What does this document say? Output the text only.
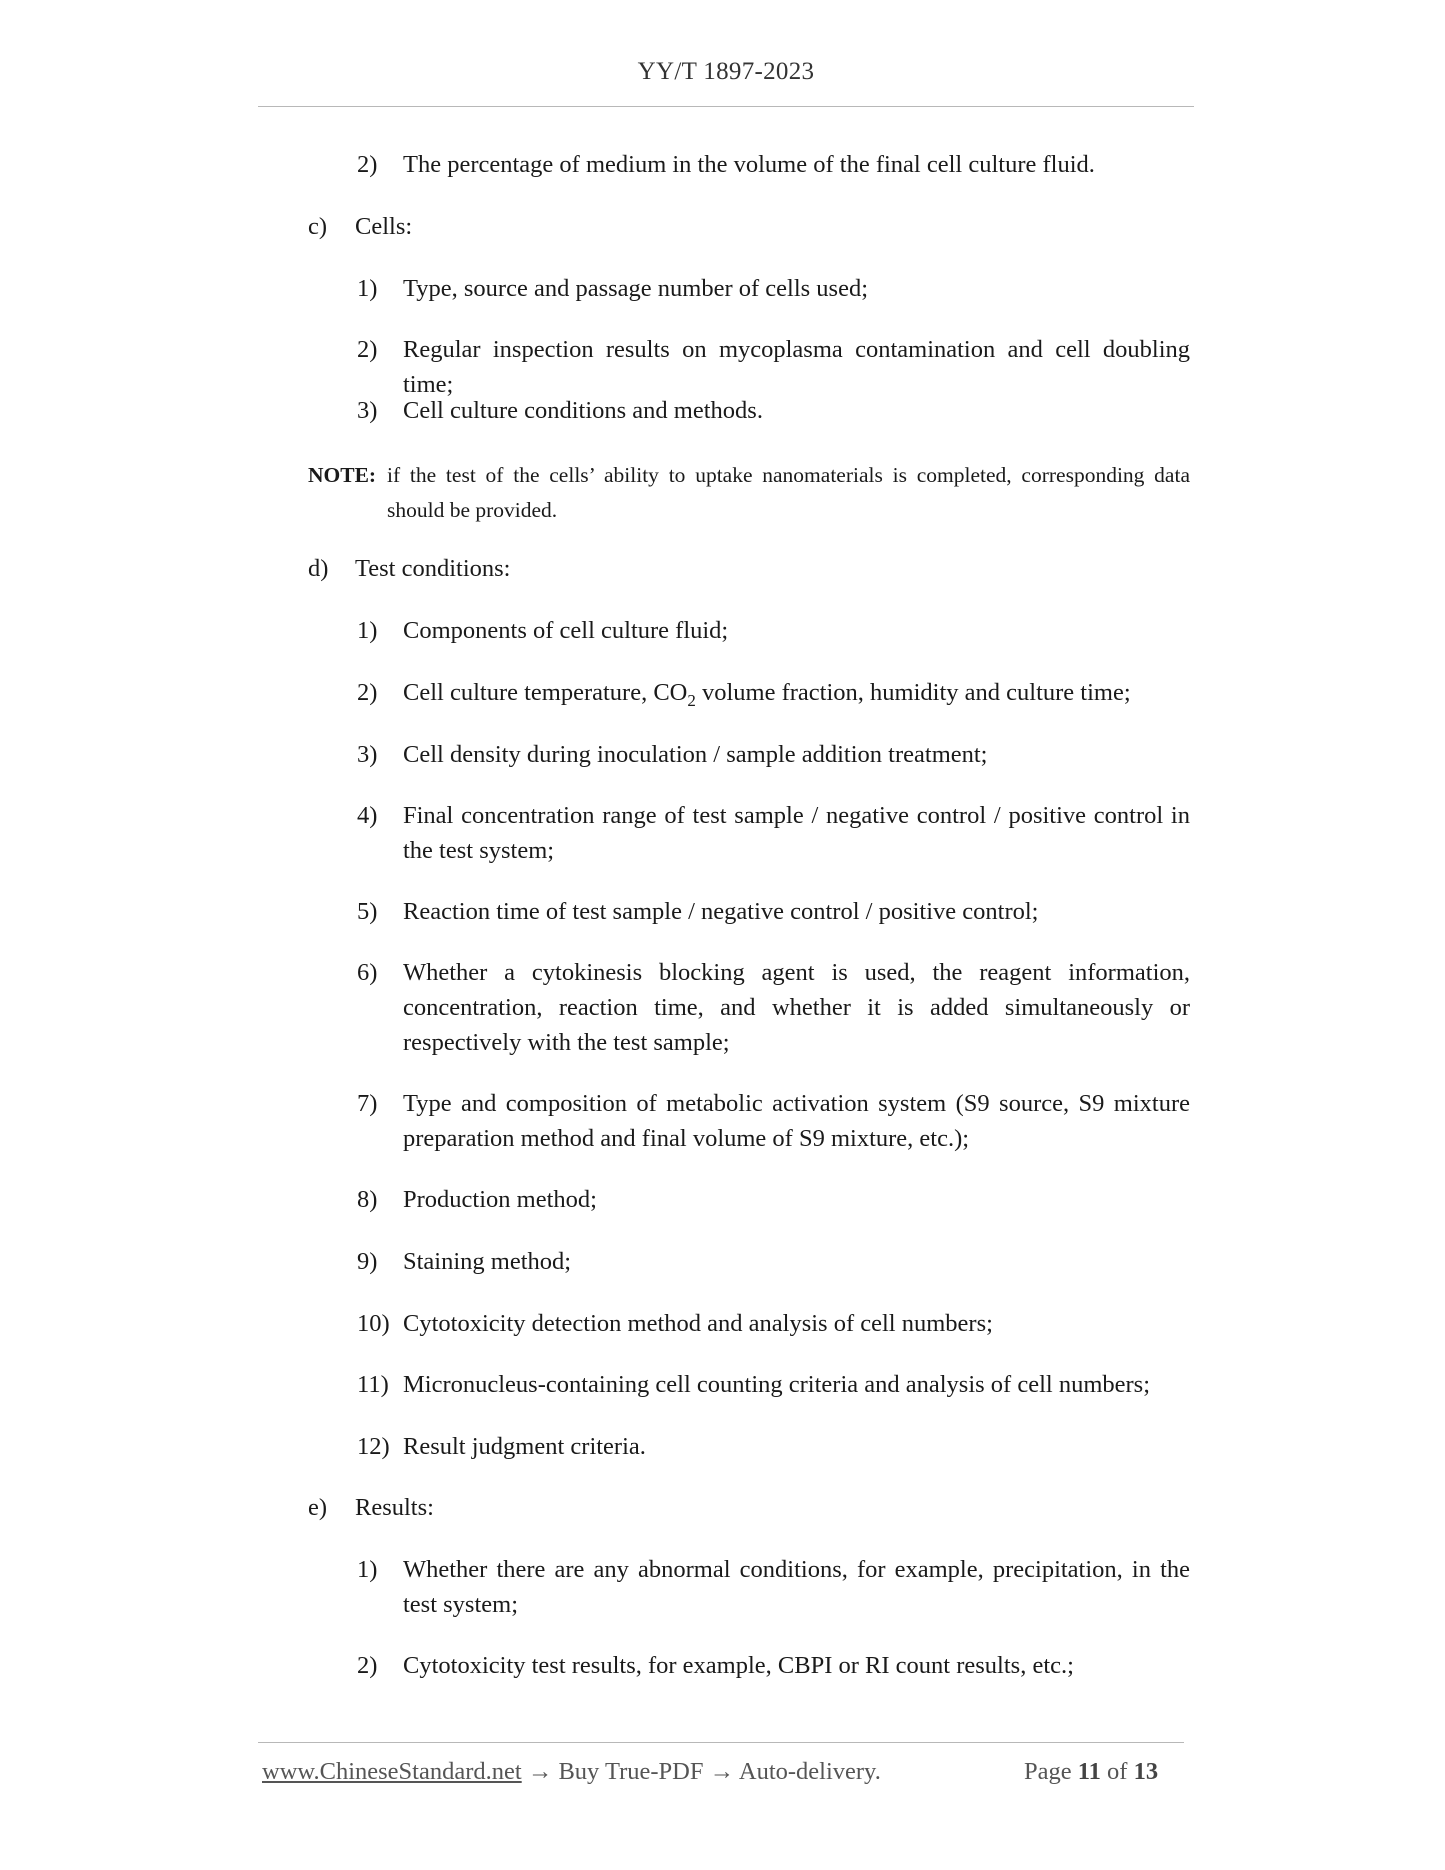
YY/T 1897-2023
2) The percentage of medium in the volume of the final cell culture fluid.
c) Cells:
1) Type, source and passage number of cells used;
2) Regular inspection results on mycoplasma contamination and cell doubling time;
3) Cell culture conditions and methods.
NOTE: if the test of the cells’ ability to uptake nanomaterials is completed, corresponding data should be provided.
d) Test conditions:
1) Components of cell culture fluid;
2) Cell culture temperature, $CO_2$ volume fraction, humidity and culture time;
3) Cell density during inoculation / sample addition treatment;
4) Final concentration range of test sample / negative control / positive control in the test system;
5) Reaction time of test sample / negative control / positive control;
6) Whether a cytokinesis blocking agent is used, the reagent information, concentration, reaction time, and whether it is added simultaneously or respectively with the test sample;
7) Type and composition of metabolic activation system (S9 source, S9 mixture preparation method and final volume of S9 mixture, etc.);
8) Production method;
9) Staining method;
10) Cytotoxicity detection method and analysis of cell numbers;
11) Micronucleus-containing cell counting criteria and analysis of cell numbers;
12) Result judgment criteria.
e) Results:
1) Whether there are any abnormal conditions, for example, precipitation, in the test system;
2) Cytotoxicity test results, for example, CBPI or RI count results, etc.;
www.ChineseStandard.net → Buy True-PDF → Auto-delivery.	Page 11 of 13
